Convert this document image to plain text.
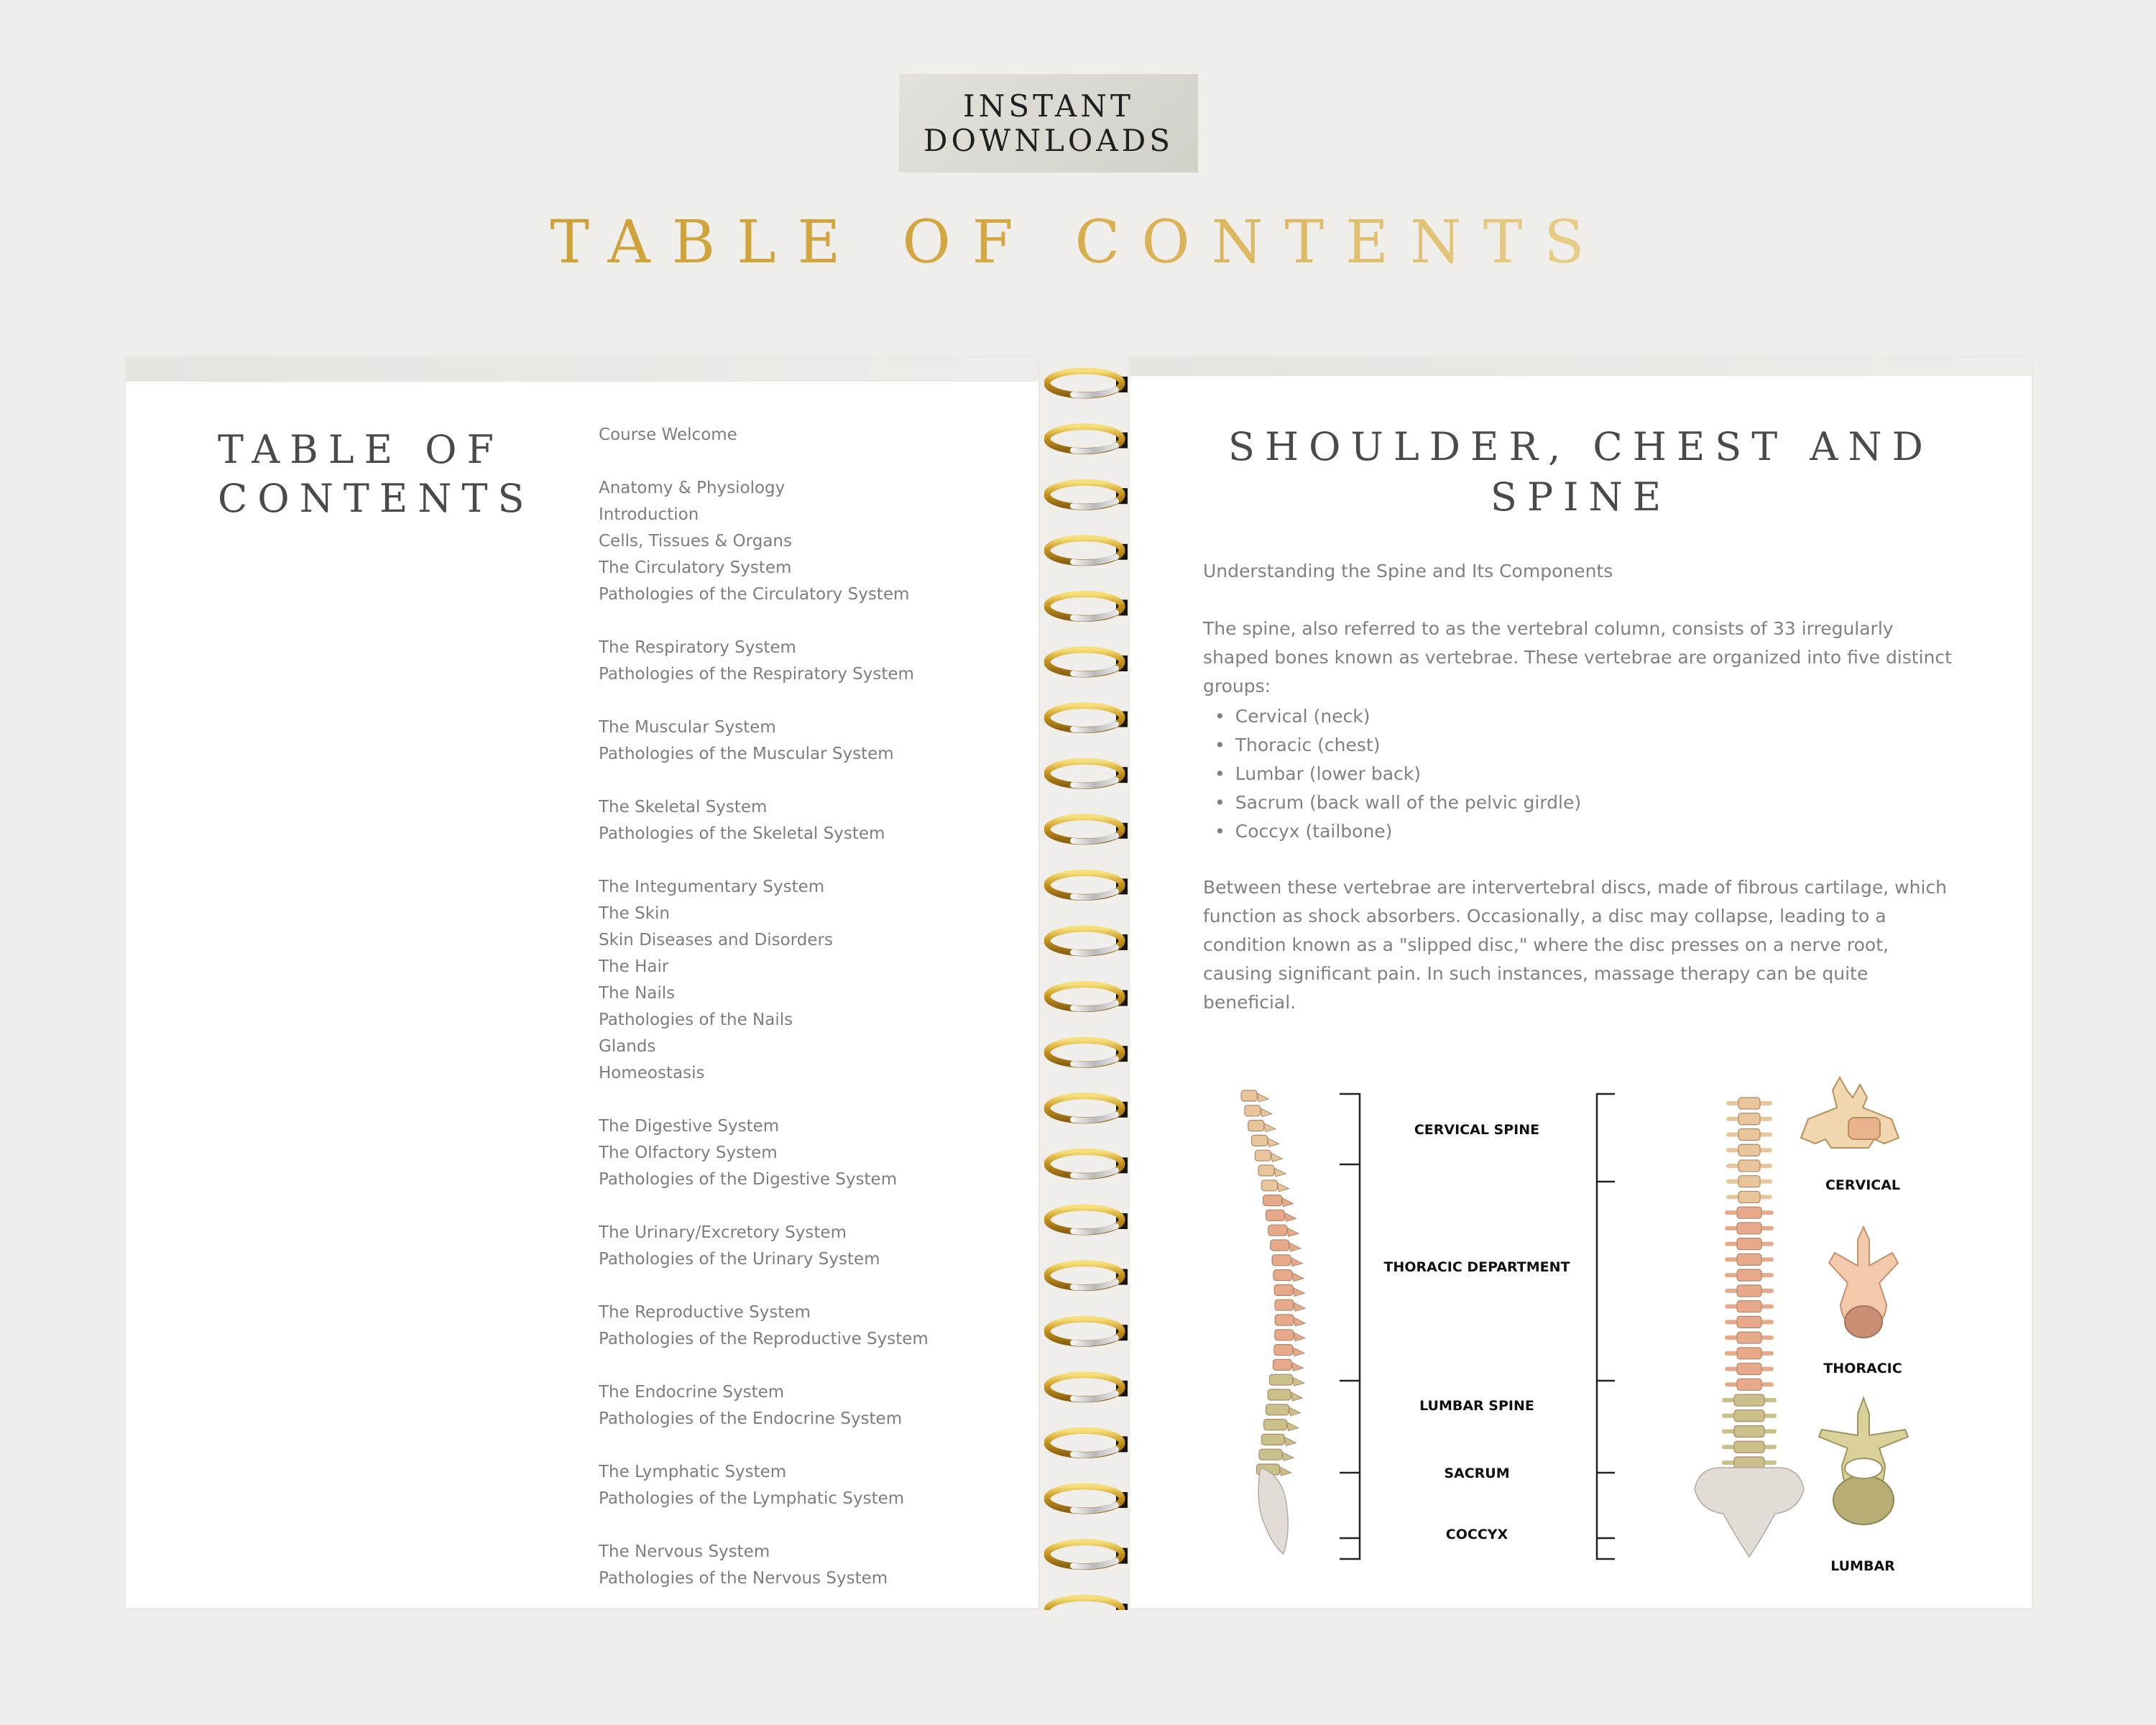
INSTANT
DOWNLOADS
TABLE OF CONTENTS
TABLE OF
CONTENTS
Course Welcome
Anatomy & Physiology
Introduction
Cells, Tissues & Organs
The Circulatory System
Pathologies of the Circulatory System
The Respiratory System
Pathologies of the Respiratory System
The Muscular System
Pathologies of the Muscular System
The Skeletal System
Pathologies of the Skeletal System
The Integumentary System
The Skin
Skin Diseases and Disorders
The Hair
The Nails
Pathologies of the Nails
Glands
Homeostasis
The Digestive System
The Olfactory System
Pathologies of the Digestive System
The Urinary/Excretory System
Pathologies of the Urinary System
The Reproductive System
Pathologies of the Reproductive System
The Endocrine System
Pathologies of the Endocrine System
The Lymphatic System
Pathologies of the Lymphatic System
The Nervous System
Pathologies of the Nervous System
SHOULDER, CHEST AND
SPINE
Understanding the Spine and Its Components
The spine, also referred to as the vertebral column, consists of 33 irregularly shaped bones known as vertebrae. These vertebrae are organized into five distinct groups:
• Cervical (neck)
• Thoracic (chest)
• Lumbar (lower back)
• Sacrum (back wall of the pelvic girdle)
• Coccyx (tailbone)
Between these vertebrae are intervertebral discs, made of fibrous cartilage, which function as shock absorbers. Occasionally, a disc may collapse, leading to a condition known as a "slipped disc," where the disc presses on a nerve root, causing significant pain. In such instances, massage therapy can be quite beneficial.
CERVICAL SPINE
THORACIC DEPARTMENT
LUMBAR SPINE
SACRUM
COCCYX
CERVICAL
THORACIC
LUMBAR
